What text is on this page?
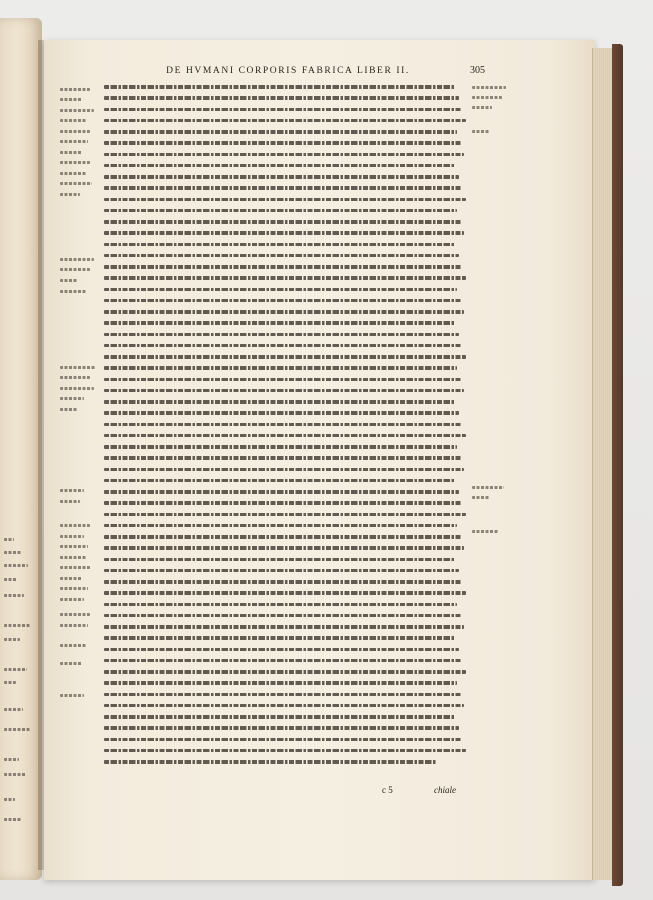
DE HVMANI CORPORIS FABRICA LIBER II.	305
c 5	chiale
